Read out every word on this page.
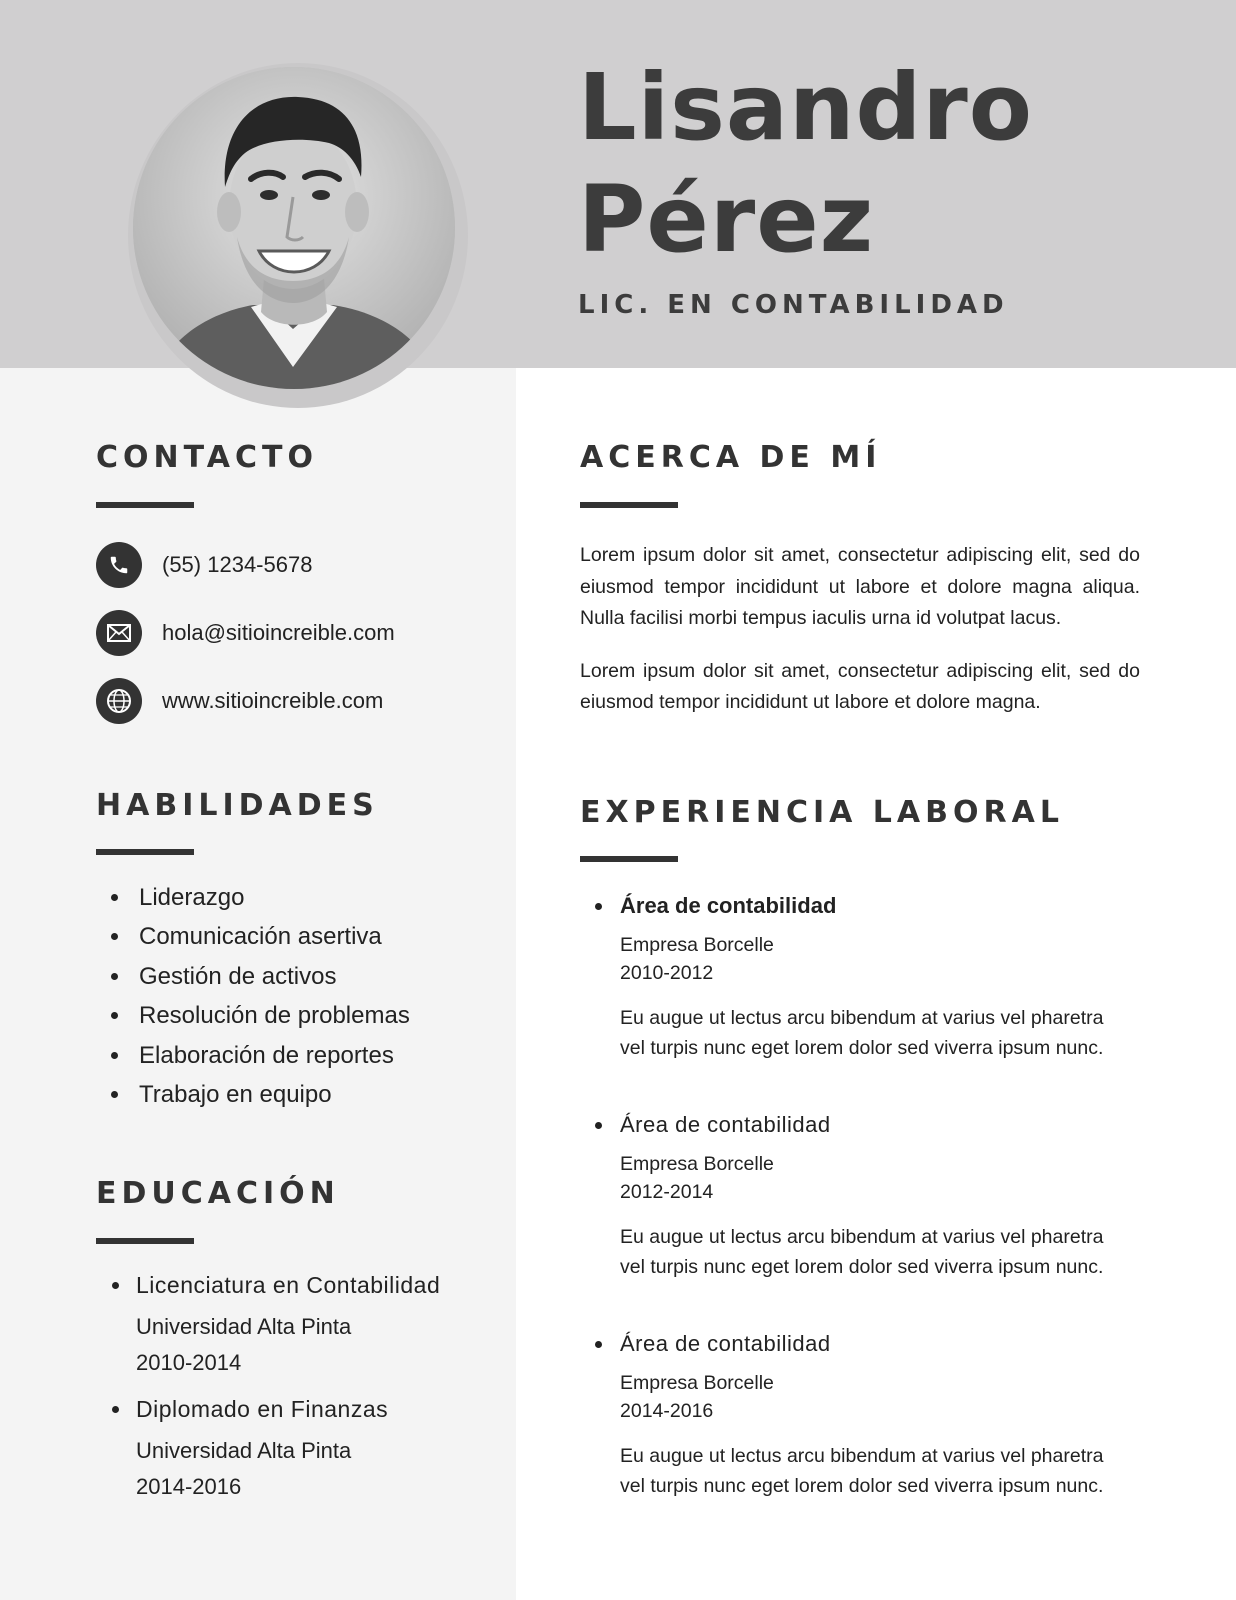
Lisandro
Pérez
LIC. EN CONTABILIDAD
CONTACTO
(55) 1234-5678
hola@sitioincreible.com
www.sitioincreible.com
HABILIDADES
Liderazgo
Comunicación asertiva
Gestión de activos
Resolución de problemas
Elaboración de reportes
Trabajo en equipo
EDUCACIÓN
Licenciatura en Contabilidad
Universidad Alta Pinta
2010-2014
Diplomado en Finanzas
Universidad Alta Pinta
2014-2016
ACERCA DE MÍ

Lorem ipsum dolor sit amet, consectetur adipiscing elit, sed do eiusmod tempor incididunt ut labore et dolore magna aliqua. Nulla facilisi morbi tempus iaculis urna id volutpat lacus.

Lorem ipsum dolor sit amet, consectetur adipiscing elit, sed do eiusmod tempor incididunt ut labore et dolore magna.

EXPERIENCIA LABORAL
Área de contabilidad
Empresa Borcelle
2010-2012
Eu augue ut lectus arcu bibendum at varius vel pharetra
vel turpis nunc eget lorem dolor sed viverra ipsum nunc.
Área de contabilidad
Empresa Borcelle
2012-2014
Eu augue ut lectus arcu bibendum at varius vel pharetra
vel turpis nunc eget lorem dolor sed viverra ipsum nunc.
Área de contabilidad
Empresa Borcelle
2014-2016
Eu augue ut lectus arcu bibendum at varius vel pharetra
vel turpis nunc eget lorem dolor sed viverra ipsum nunc.
